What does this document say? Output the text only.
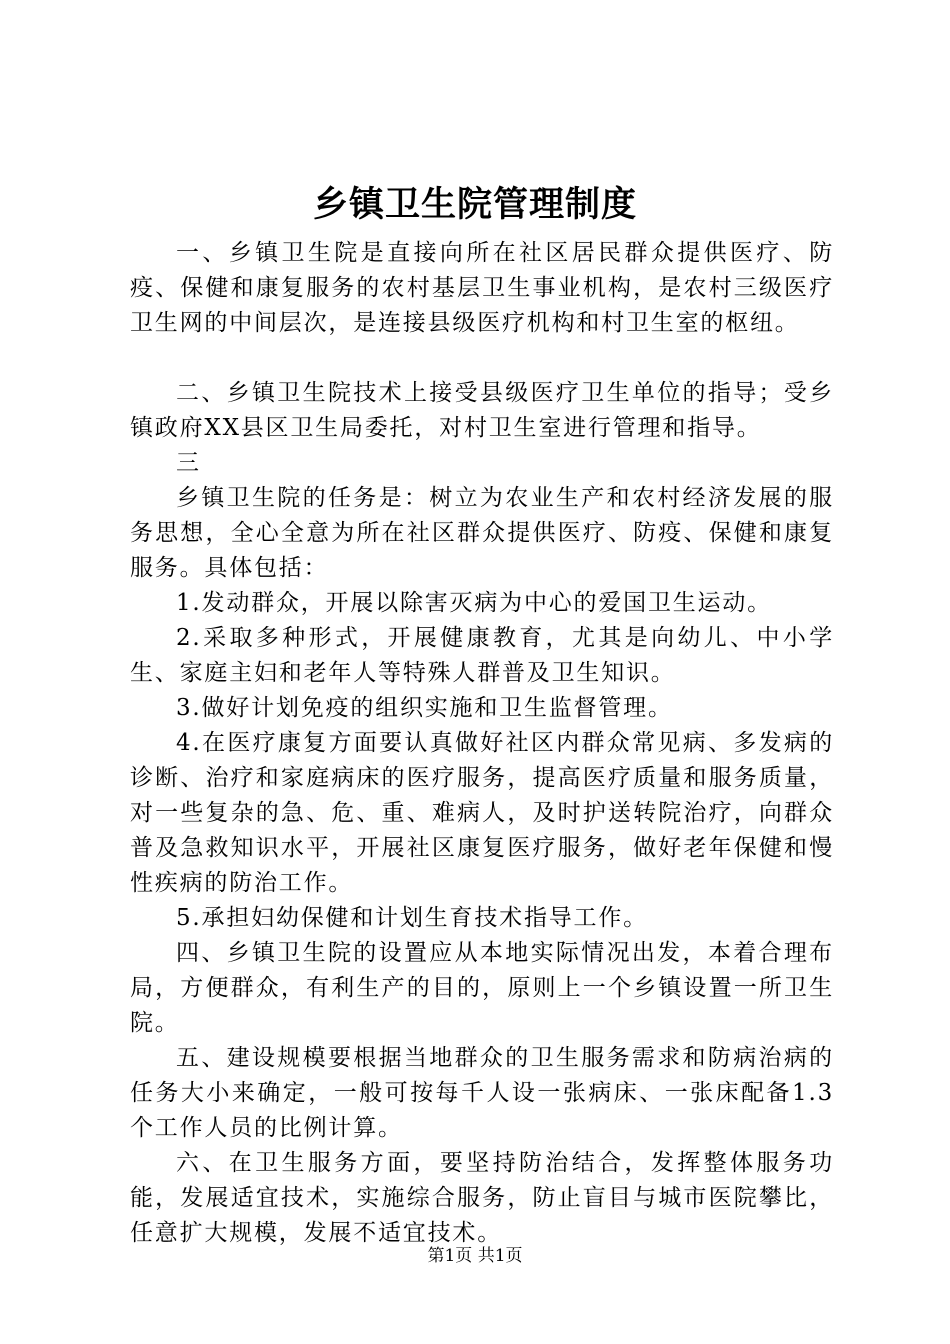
乡镇卫生院管理制度

一、乡镇卫生院是直接向所在社区居民群众提供医疗、防疫、保健和康复服务的农村基层卫生事业机构，是农村三级医疗卫生网的中间层次，是连接县级医疗机构和村卫生室的枢纽。

二、乡镇卫生院技术上接受县级医疗卫生单位的指导；受乡镇政府XX县区卫生局委托，对村卫生室进行管理和指导。

三

乡镇卫生院的任务是：树立为农业生产和农村经济发展的服务思想，全心全意为所在社区群众提供医疗、防疫、保健和康复服务。具体包括：

1.发动群众，开展以除害灭病为中心的爱国卫生运动。

2.采取多种形式，开展健康教育，尤其是向幼儿、中小学生、家庭主妇和老年人等特殊人群普及卫生知识。

3.做好计划免疫的组织实施和卫生监督管理。

4.在医疗康复方面要认真做好社区内群众常见病、多发病的诊断、治疗和家庭病床的医疗服务，提高医疗质量和服务质量，对一些复杂的急、危、重、难病人，及时护送转院治疗，向群众普及急救知识水平，开展社区康复医疗服务，做好老年保健和慢性疾病的防治工作。

5.承担妇幼保健和计划生育技术指导工作。

四、乡镇卫生院的设置应从本地实际情况出发，本着合理布局，方便群众，有利生产的目的，原则上一个乡镇设置一所卫生院。

五、建设规模要根据当地群众的卫生服务需求和防病治病的任务大小来确定，一般可按每千人设一张病床、一张床配备1.3个工作人员的比例计算。

六、在卫生服务方面，要坚持防治结合，发挥整体服务功能，发展适宜技术，实施综合服务，防止盲目与城市医院攀比，任意扩大规模，发展不适宜技术。

第1页 共1页
